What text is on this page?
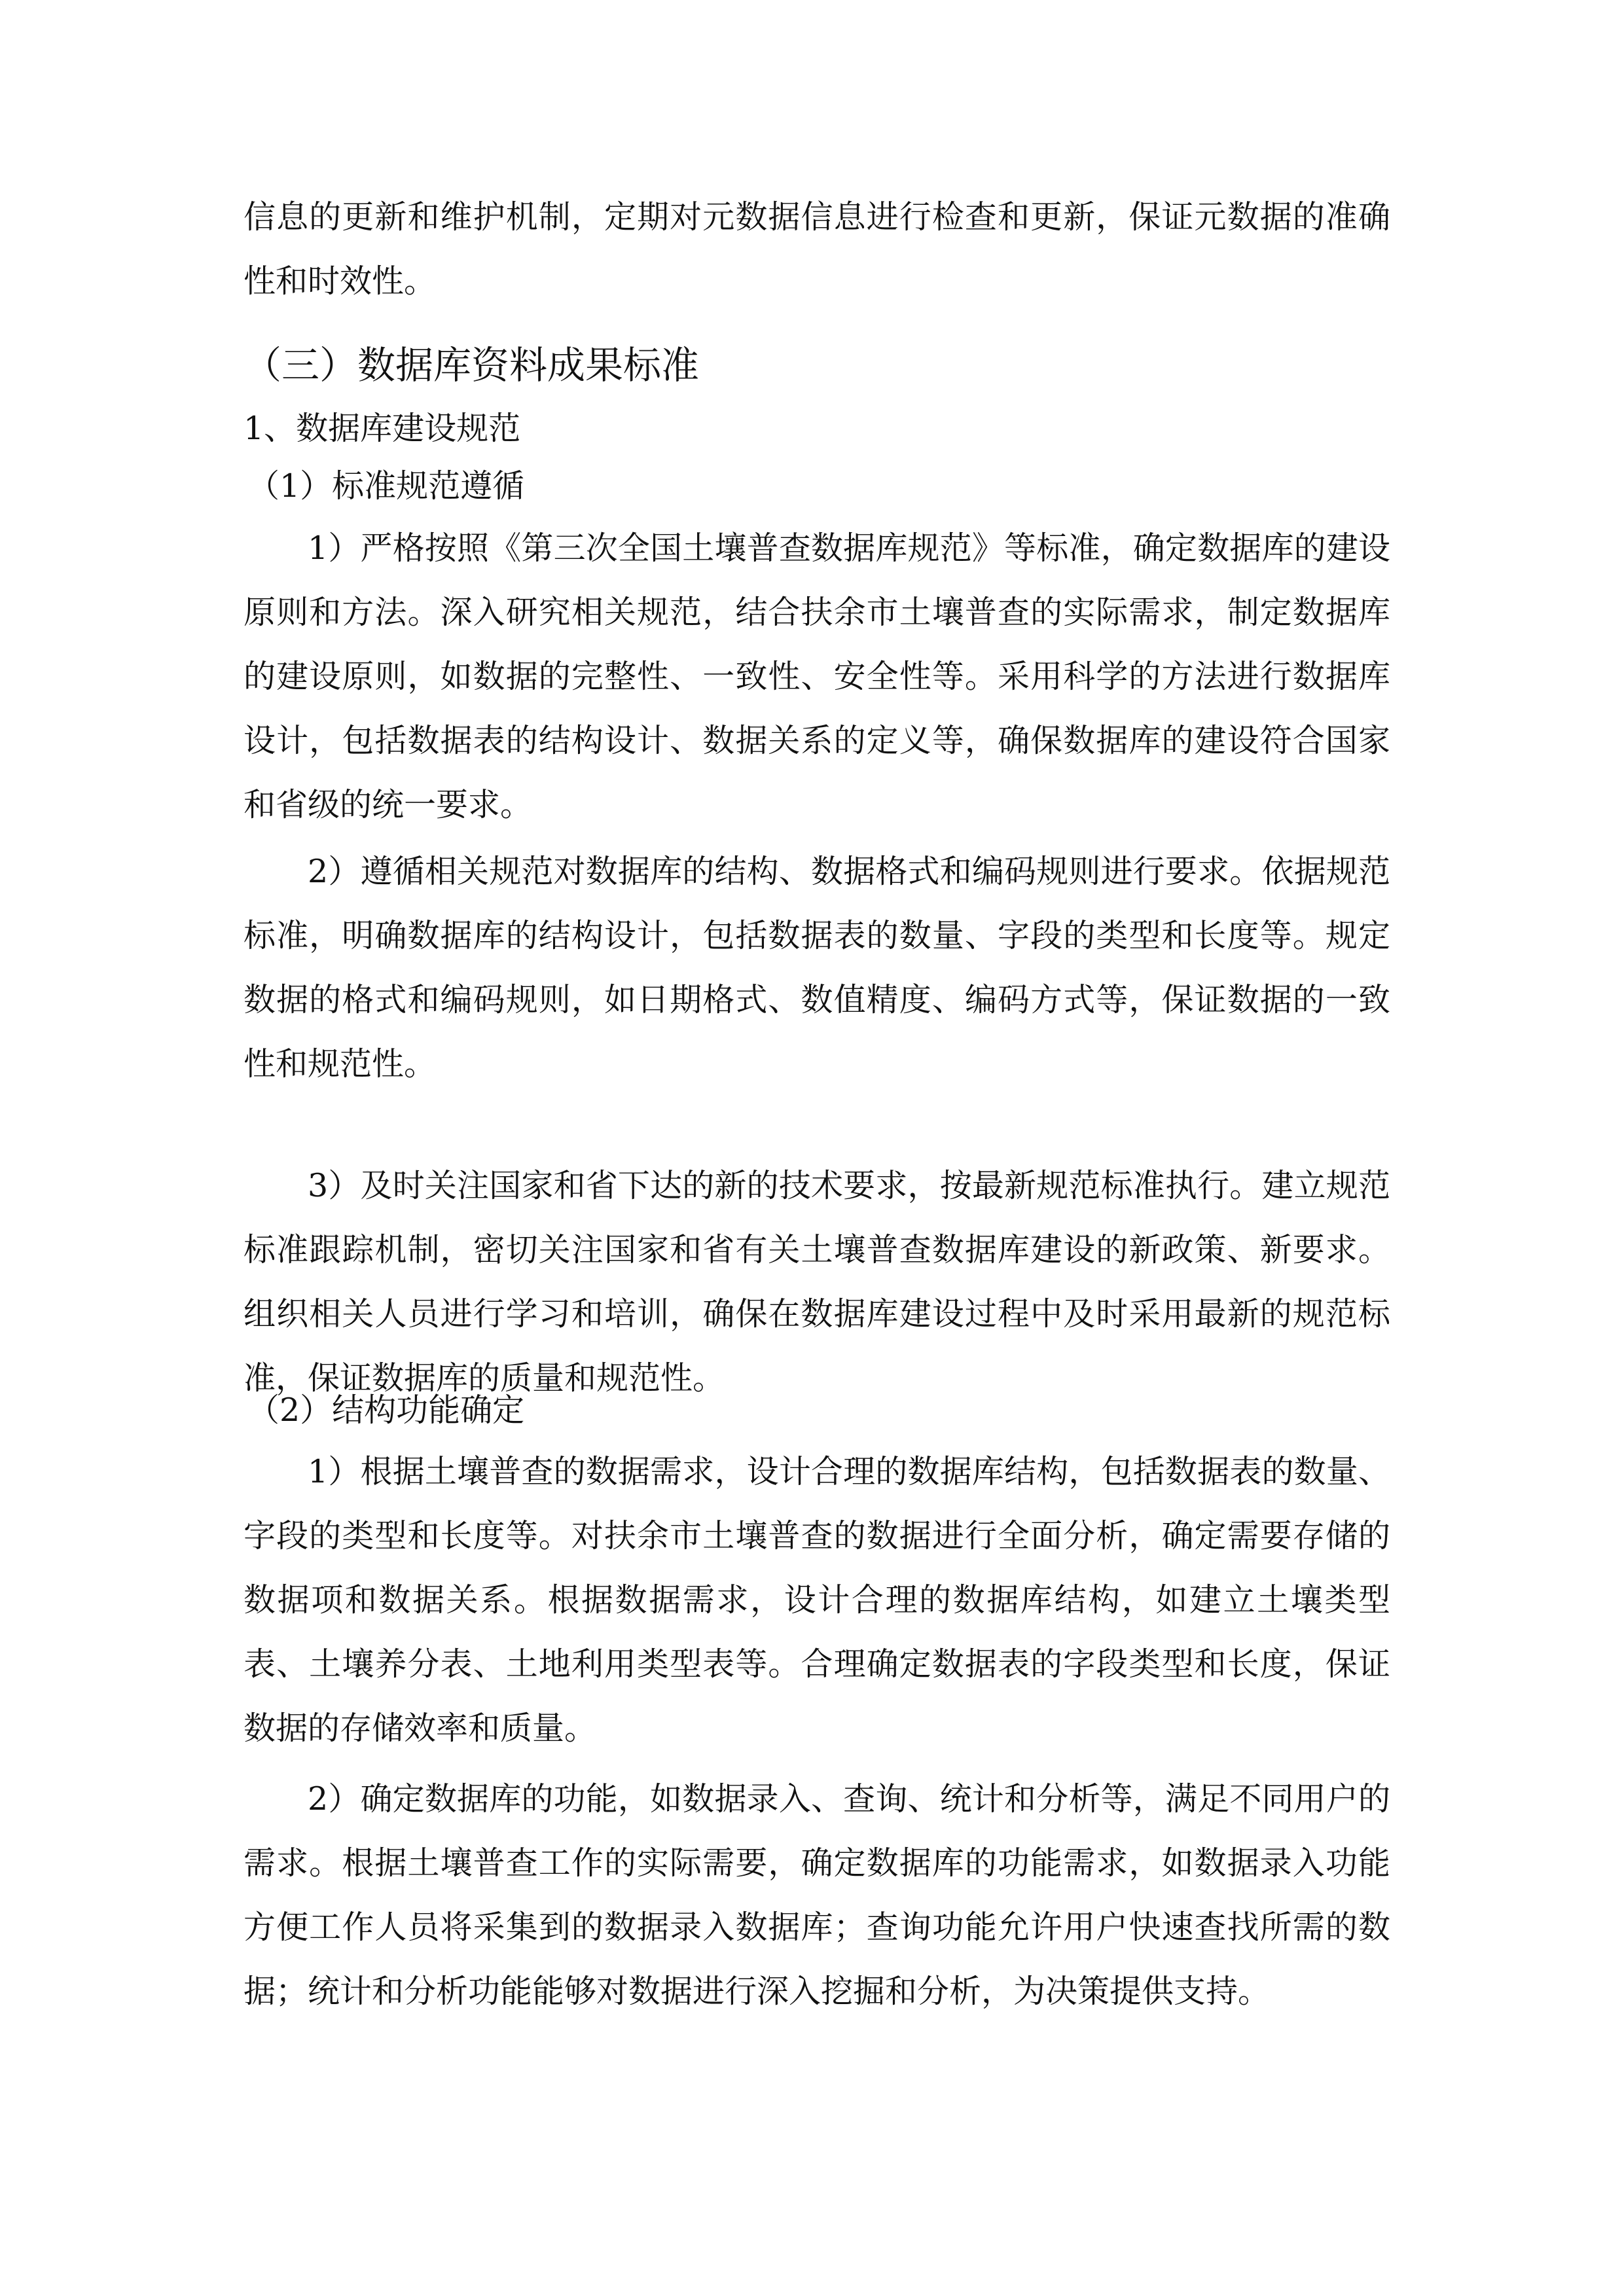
信息的更新和维护机制，定期对元数据信息进行检查和更新，保证元数据的准确性和时效性。

（三）数据库资料成果标准

1、数据库建设规范

（1）标准规范遵循

1）严格按照《第三次全国土壤普查数据库规范》等标准，确定数据库的建设原则和方法。深入研究相关规范，结合扶余市土壤普查的实际需求，制定数据库的建设原则，如数据的完整性、一致性、安全性等。采用科学的方法进行数据库设计，包括数据表的结构设计、数据关系的定义等，确保数据库的建设符合国家和省级的统一要求。

2）遵循相关规范对数据库的结构、数据格式和编码规则进行要求。依据规范标准，明确数据库的结构设计，包括数据表的数量、字段的类型和长度等。规定数据的格式和编码规则，如日期格式、数值精度、编码方式等，保证数据的一致性和规范性。

3）及时关注国家和省下达的新的技术要求，按最新规范标准执行。建立规范标准跟踪机制，密切关注国家和省有关土壤普查数据库建设的新政策、新要求。组织相关人员进行学习和培训，确保在数据库建设过程中及时采用最新的规范标准，保证数据库的质量和规范性。

（2）结构功能确定

1）根据土壤普查的数据需求，设计合理的数据库结构，包括数据表的数量、字段的类型和长度等。对扶余市土壤普查的数据进行全面分析，确定需要存储的数据项和数据关系。根据数据需求，设计合理的数据库结构，如建立土壤类型表、土壤养分表、土地利用类型表等。合理确定数据表的字段类型和长度，保证数据的存储效率和质量。

2）确定数据库的功能，如数据录入、查询、统计和分析等，满足不同用户的需求。根据土壤普查工作的实际需要，确定数据库的功能需求，如数据录入功能方便工作人员将采集到的数据录入数据库；查询功能允许用户快速查找所需的数据；统计和分析功能能够对数据进行深入挖掘和分析，为决策提供支持。
